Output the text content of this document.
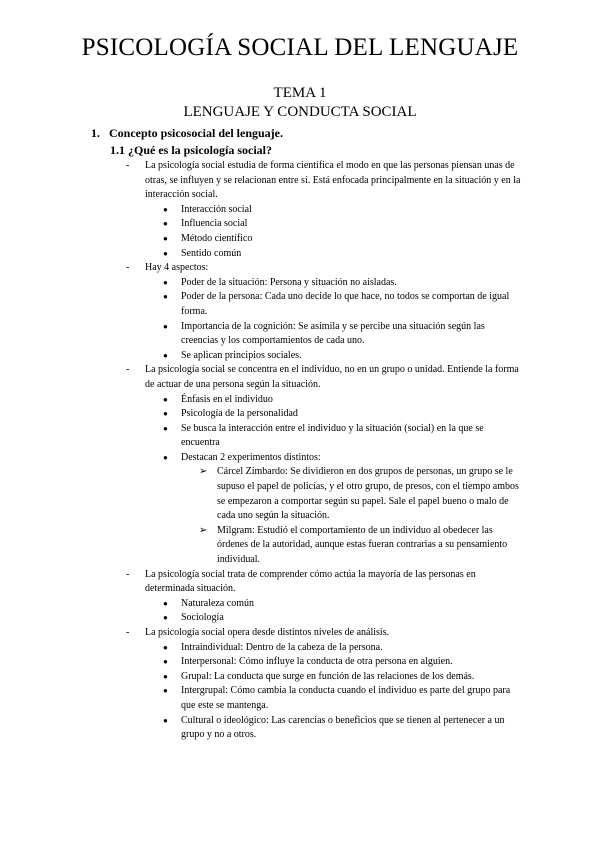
PSICOLOGÍA SOCIAL DEL LENGUAJE
TEMA 1
LENGUAJE Y CONDUCTA SOCIAL
1. Concepto psicosocial del lenguaje.
1.1 ¿Qué es la psicología social?
- La psicología social estudia de forma científica el modo en que las personas piensan unas de otras, se influyen y se relacionan entre sí. Está enfocada principalmente en la situación y en la interacción social.
● Interacción social
● Influencia social
● Método científico
● Sentido común
- Hay 4 aspectos:
● Poder de la situación: Persona y situación no aisladas.
● Poder de la persona: Cada uno decide lo que hace, no todos se comportan de igual forma.
● Importancia de la cognición: Se asimila y se percibe una situación según las creencias y los comportamientos de cada uno.
● Se aplican principios sociales.
- La psicología social se concentra en el individuo, no en un grupo o unidad. Entiende la forma de actuar de una persona según la situación.
● Énfasis en el individuo
● Psicología de la personalidad
● Se busca la interacción entre el individuo y la situación (social) en la que se encuentra
● Destacan 2 experimentos distintos:
➢ Cárcel Zimbardo: Se dividieron en dos grupos de personas, un grupo se le supuso el papel de policías, y el otro grupo, de presos, con el tiempo ambos se empezaron a comportar según su papel. Sale el papel bueno o malo de cada uno según la situación.
➢ Milgram: Estudió el comportamiento de un individuo al obedecer las órdenes de la autoridad, aunque estas fueran contrarias a su pensamiento individual.
- La psicología social trata de comprender cómo actúa la mayoría de las personas en determinada situación.
● Naturaleza común
● Sociología
- La psicología social opera desde distintos niveles de análisis.
● Intraindividual: Dentro de la cabeza de la persona.
● Interpersonal: Cómo influye la conducta de otra persona en alguien.
● Grupal: La conducta que surge en función de las relaciones de los demás.
● Intergrupal: Cómo cambia la conducta cuando el individuo es parte del grupo para que este se mantenga.
● Cultural o ideológico: Las carencias o beneficios que se tienen al pertenecer a un grupo y no a otros.
